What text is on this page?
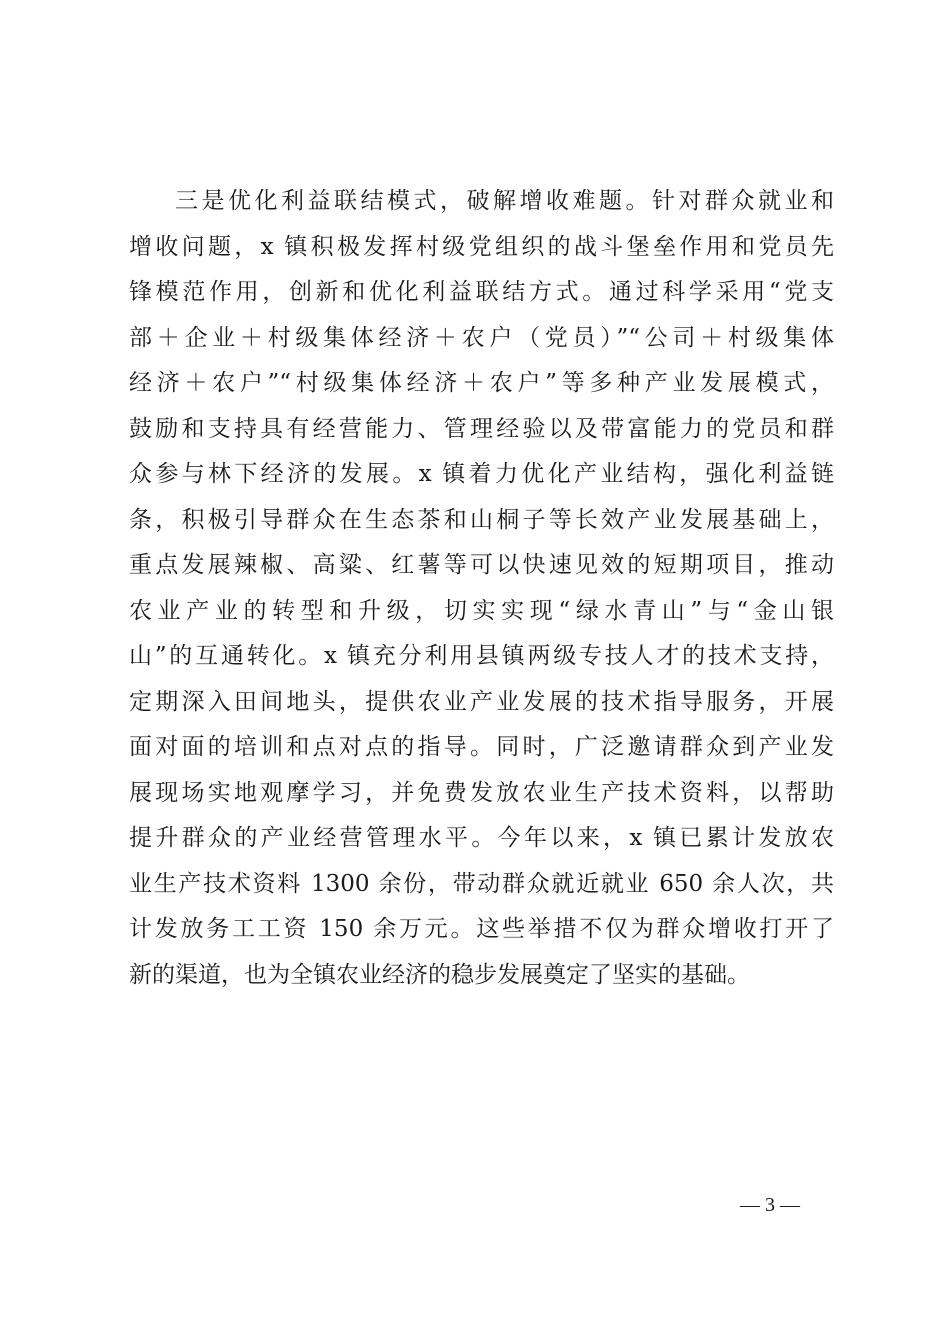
三是优化利益联结模式，破解增收难题。针对群众就业和
增收问题，x 镇积极发挥村级党组织的战斗堡垒作用和党员先
锋模范作用，创新和优化利益联结方式。通过科学采用“党支
部＋企业＋村级集体经济＋农户（党员）”“公司＋村级集体
经济＋农户”“村级集体经济＋农户”等多种产业发展模式，
鼓励和支持具有经营能力、管理经验以及带富能力的党员和群
众参与林下经济的发展。x 镇着力优化产业结构，强化利益链
条，积极引导群众在生态茶和山桐子等长效产业发展基础上，
重点发展辣椒、高粱、红薯等可以快速见效的短期项目，推动
农业产业的转型和升级，切实实现“绿水青山”与“金山银
山”的互通转化。x 镇充分利用县镇两级专技人才的技术支持，
定期深入田间地头，提供农业产业发展的技术指导服务，开展
面对面的培训和点对点的指导。同时，广泛邀请群众到产业发
展现场实地观摩学习，并免费发放农业生产技术资料，以帮助
提升群众的产业经营管理水平。今年以来，x 镇已累计发放农
业生产技术资料 1300 余份，带动群众就近就业 650 余人次，共
计发放务工工资 150 余万元。这些举措不仅为群众增收打开了
新的渠道，也为全镇农业经济的稳步发展奠定了坚实的基础。
— 3 —
